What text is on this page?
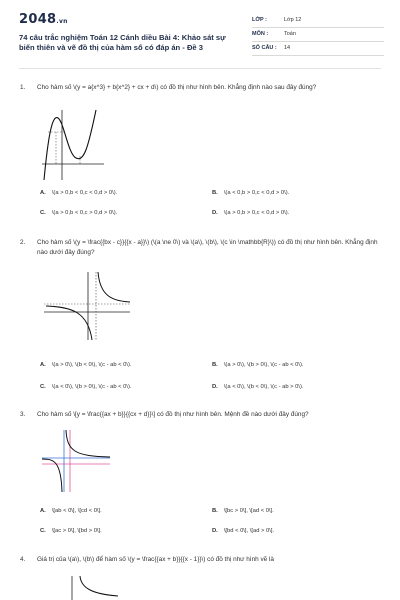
2048.vn
74 câu trắc nghiệm Toán 12 Cánh diều Bài 4: Khảo sát sự biến thiên và vẽ đồ thị của hàm số có đáp án - Đề 3
LỚP :	Lớp 12
MÔN :	Toán
SỐ CÂU : 14
1. Cho hàm số \(y = a{x^3} + b{x^2} + cx + d\) có đồ thị như hình bên. Khẳng định nào sau đây đúng?
A. \(a > 0,b < 0,c < 0,d > 0\).	B. \(a < 0,b > 0,c < 0,d > 0\).
C. \(a > 0,b < 0,c > 0,d > 0\).	D. \(a > 0,b > 0,c < 0,d > 0\).
2. Cho hàm số \(y = \frac{{bx - c}}{{x - a}}\) (\(a \ne 0\) và \(a\), \(b\), \(c \in \mathbb{R}\)) có đồ thị như hình bên. Khẳng định nào dưới đây đúng?
A. \(a > 0\), \(b < 0\), \(c - ab < 0\).	B. \(a > 0\), \(b > 0\), \(c - ab < 0\).
C. \(a < 0\), \(b > 0\), \(c - ab < 0\).	D. \(a < 0\), \(b < 0\), \(c - ab > 0\).
3. Cho hàm số \[y = \frac{{ax + b}}{{cx + d}}\] có đồ thị như hình bên. Mệnh đề nào dưới đây đúng?
A. \[ab < 0\], \[cd < 0\].	B. \[bc > 0\], \[ad < 0\].
C. \[ac > 0\], \[bd > 0\].	D. \[bd < 0\], \[ad > 0\].
4. Giá trị của \(a\), \(b\) để hàm số \(y = \frac{{ax + b}}{{x - 1}}\) có đồ thị như hình vẽ là
